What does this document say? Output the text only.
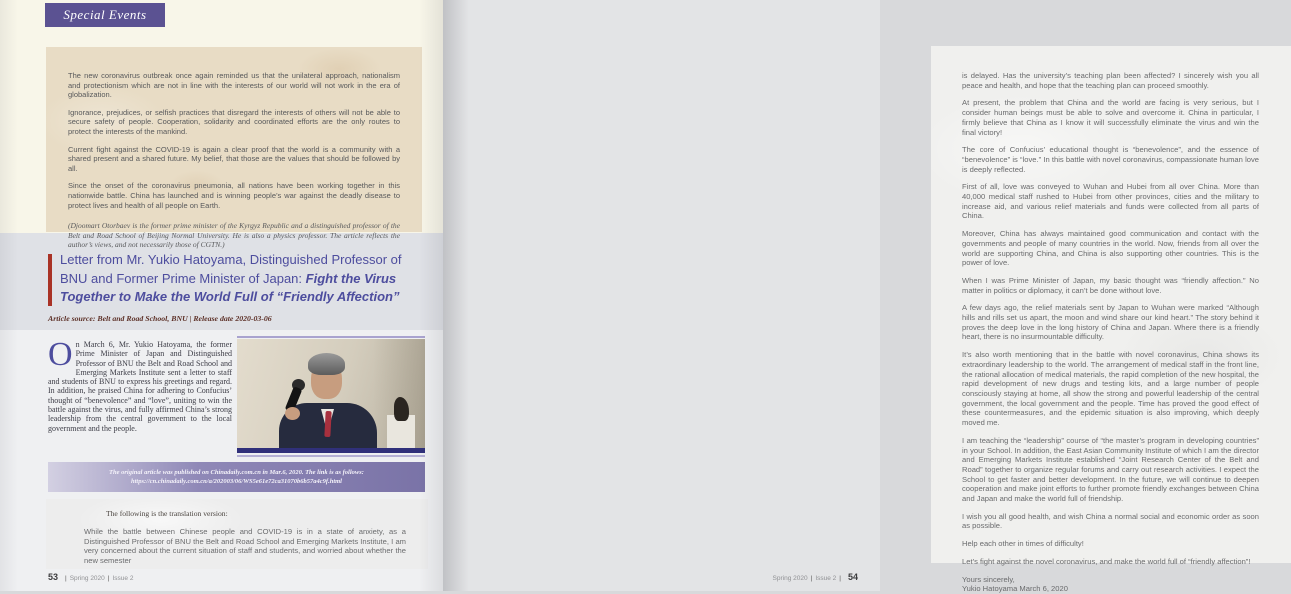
Special Events

The new coronavirus outbreak once again reminded us that the unilateral approach, nationalism and protectionism which are not in line with the interests of our world will not work in the era of globalization.

Ignorance, prejudices, or selfish practices that disregard the interests of others will not be able to secure safety of people. Cooperation, solidarity and coordinated efforts are the only routes to protect the interests of the mankind.

Current fight against the COVID-19 is again a clear proof that the world is a community with a shared present and a shared future. My belief, that those are the values that should be followed by all.

Since the onset of the coronavirus pneumonia, all nations have been working together in this nationwide battle. China has launched and is winning people’s war against the deadly disease to protect lives and health of all people on Earth.

(Djoomart Otorbaev is the former prime minister of the Kyrgyz Republic and a distinguished professor of the Belt and Road School of Beijing Normal University. He is also a physics professor. The article reflects the author’s views, and not necessarily those of CGTN.)

Letter from Mr. Yukio Hatoyama, Distinguished Professor of BNU and Former Prime Minister of Japan: Fight the Virus Together to Make the World Full of “Friendly Affection”
Article source: Belt and Road School, BNU | Release date 2020-03-06
On March 6, Mr. Yukio Hatoyama, the former Prime Minister of Japan and Distinguished Professor of BNU the Belt and Road School and Emerging Markets Institute sent a letter to staff and students of BNU to express his greetings and regard. In addition, he praised China for adhering to Confucius’ thought of “benevolence” and “love”, uniting to win the battle against the virus, and fully affirmed China’s strong leadership from the central government to the local government and the people.
The original article was published on Chinadaily.com.cn in Mar.6, 2020. The link is as follows:
https://cn.chinadaily.com.cn/a/202003/06/WS5e61e72ca31070b6b57a4c9f.html
The following is the translation version:
While the battle between Chinese people and COVID-19 is in a state of anxiety, as a Distinguished Professor of BNU the Belt and Road School and Emerging Markets Institute, I am very concerned about the current situation of staff and students, and worried about whether the new semester
53 | Spring 2020 | Issue 2

is delayed. Has the university’s teaching plan been affected? I sincerely wish you all peace and health, and hope that the teaching plan can proceed smoothly.

At present, the problem that China and the world are facing is very serious, but I consider human beings must be able to solve and overcome it. China in particular, I firmly believe that China as I know it will successfully eliminate the virus and win the final victory!

The core of Confucius’ educational thought is “benevolence”, and the essence of “benevolence” is “love.” In this battle with novel coronavirus, compassionate human love is deeply reflected.

First of all, love was conveyed to Wuhan and Hubei from all over China. More than 40,000 medical staff rushed to Hubei from other provinces, cities and the military to increase aid, and various relief materials and funds were collected from all parts of China.

Moreover, China has always maintained good communication and contact with the governments and people of many countries in the world. Now, friends from all over the world are supporting China, and China is also supporting other countries. This is the power of love.

When I was Prime Minister of Japan, my basic thought was “friendly affection.” No matter in politics or diplomacy, it can’t be done without love.

A few days ago, the relief materials sent by Japan to Wuhan were marked “Although hills and rills set us apart, the moon and wind share our kind heart.” The story behind it proves the deep love in the long history of China and Japan. Where there is a friendly heart, there is no insurmountable difficulty.

It’s also worth mentioning that in the battle with novel coronavirus, China shows its extraordinary leadership to the world. The arrangement of medical staff in the front line, the rational allocation of medical materials, the rapid completion of the new hospital, the rapid development of new drugs and testing kits, and a large number of people consciously staying at home, all show the strong and powerful leadership of the central government, the local government and the people. Time has proved the good effect of these countermeasures, and the epidemic situation is also improving, which deeply moved me.

I am teaching the “leadership” course of “the master’s program in developing countries” in your School. In addition, the East Asian Community Institute of which I am the director and Emerging Markets Institute established “Joint Research Center of the Belt and Road” together to organize regular forums and carry out research activities. I expect the School to get faster and better development. In the future, we will continue to deepen cooperation and make joint efforts to further promote friendly exchanges between China and Japan and make the world full of friendship.

I wish you all good health, and wish China a normal social and economic order as soon as possible.

Help each other in times of difficulty!

Let’s fight against the novel coronavirus, and make the world full of “friendly affection”!

Yours sincerely,
Yukio Hatoyama March 6, 2020
Spring 2020 | Issue 2 | 54
